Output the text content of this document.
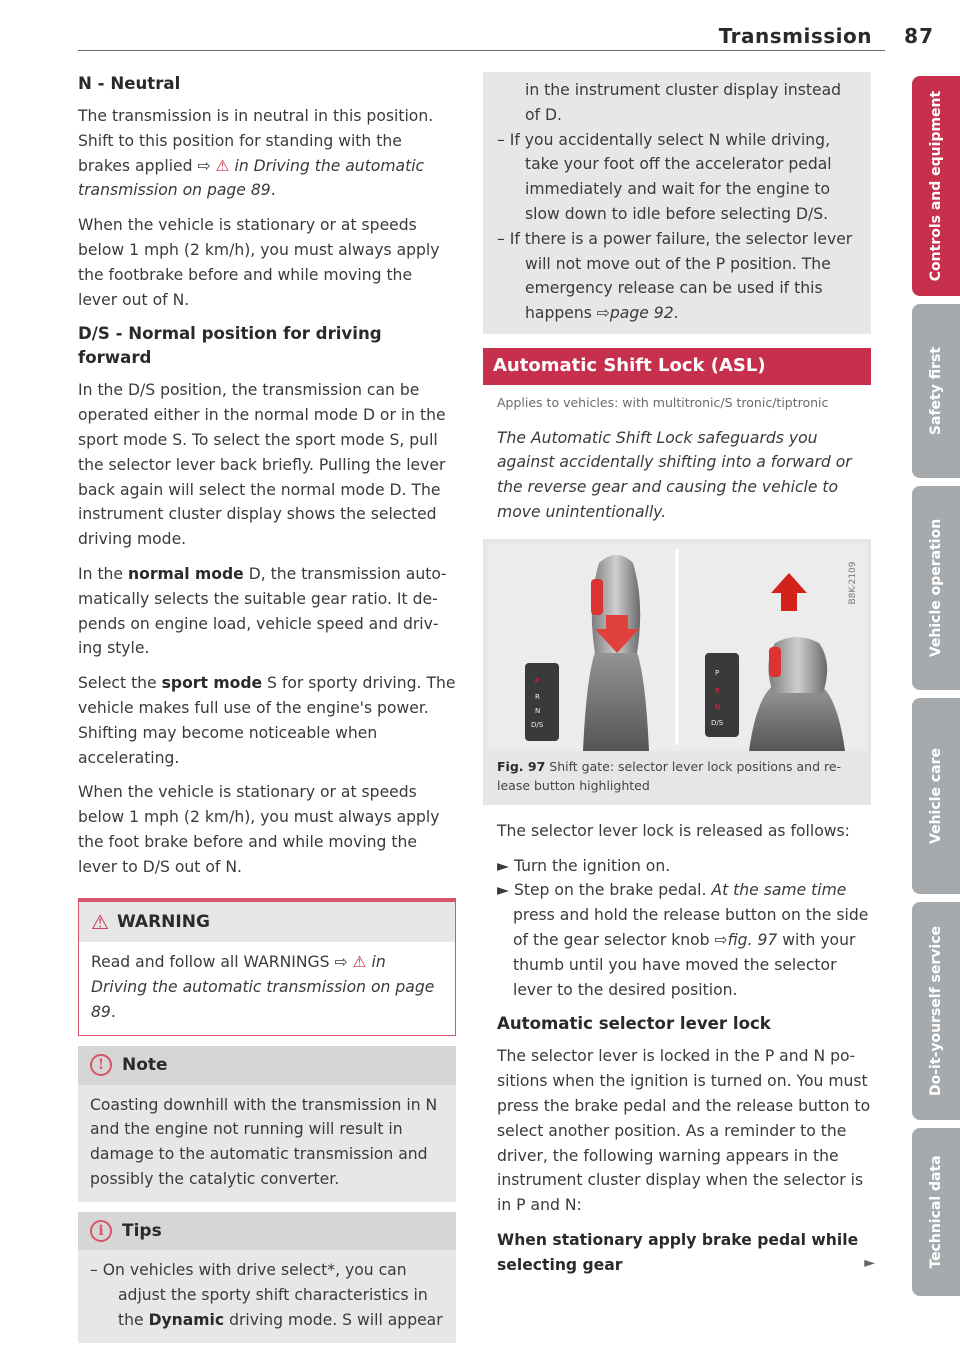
Transmission	87
N - Neutral

The transmission is in neutral in this position. Shift to this position for standing with the brakes applied ⇨ ⚠ in Driving the automatic transmission on page 89.

When the vehicle is stationary or at speeds below 1 mph (2 km/h), you must always apply the footbrake before and while moving the lever out of N.

D/S - Normal position for driving forward

In the D/S position, the transmission can be operated either in the normal mode D or in the sport mode S. To select the sport mode S, pull the selector lever back briefly. Pulling the lever back again will select the normal mode D. The instrument cluster display shows the selected driving mode.

In the normal mode D, the transmission automatically selects the suitable gear ratio. It depends on engine load, vehicle speed and driving style.

Select the sport mode S for sporty driving. The vehicle makes full use of the engine's power. Shifting may become noticeable when accelerating.

When the vehicle is stationary or at speeds below 1 mph (2 km/h), you must always apply the foot brake before and while moving the lever to D/S out of N.

⚠ WARNING
Read and follow all WARNINGS ⇨ ⚠ in Driving the automatic transmission on page 89.
!	Note
Coasting downhill with the transmission in N and the engine not running will result in damage to the automatic transmission and possibly the catalytic converter.
i	Tips
– On vehicles with drive select*, you can adjust the sporty shift characteristics in the Dynamic driving mode. S will appear
in the instrument cluster display instead of D.
– If you accidentally select N while driving, take your foot off the accelerator pedal immediately and wait for the engine to slow down to idle before selecting D/S.
– If there is a power failure, the selector lever will not move out of the P position. The emergency release can be used if this happens ⇨page 92.
Automatic Shift Lock (ASL)
Applies to vehicles: with multitronic/S tronic/tiptronic
The Automatic Shift Lock safeguards you against accidentally shifting into a forward or the reverse gear and causing the vehicle to move unintentionally.
P
R
N
D/S
P
R
N
D/S
B8K-2109
Fig. 97 Shift gate: selector lever lock positions and release button highlighted

The selector lever lock is released as follows:

► Turn the ignition on.
► Step on the brake pedal. At the same time press and hold the release button on the side of the gear selector knob ⇨fig. 97 with your thumb until you have moved the selector lever to the desired position.
Automatic selector lever lock

The selector lever is locked in the P and N positions when the ignition is turned on. You must press the brake pedal and the release button to select another position. As a reminder to the driver, the following warning appears in the instrument cluster display when the selector is in P and N:

When stationary apply brake pedal while selecting gear	►
Controls and equipment
Safety first
Vehicle operation
Vehicle care
Do-it-yourself service
Technical data
